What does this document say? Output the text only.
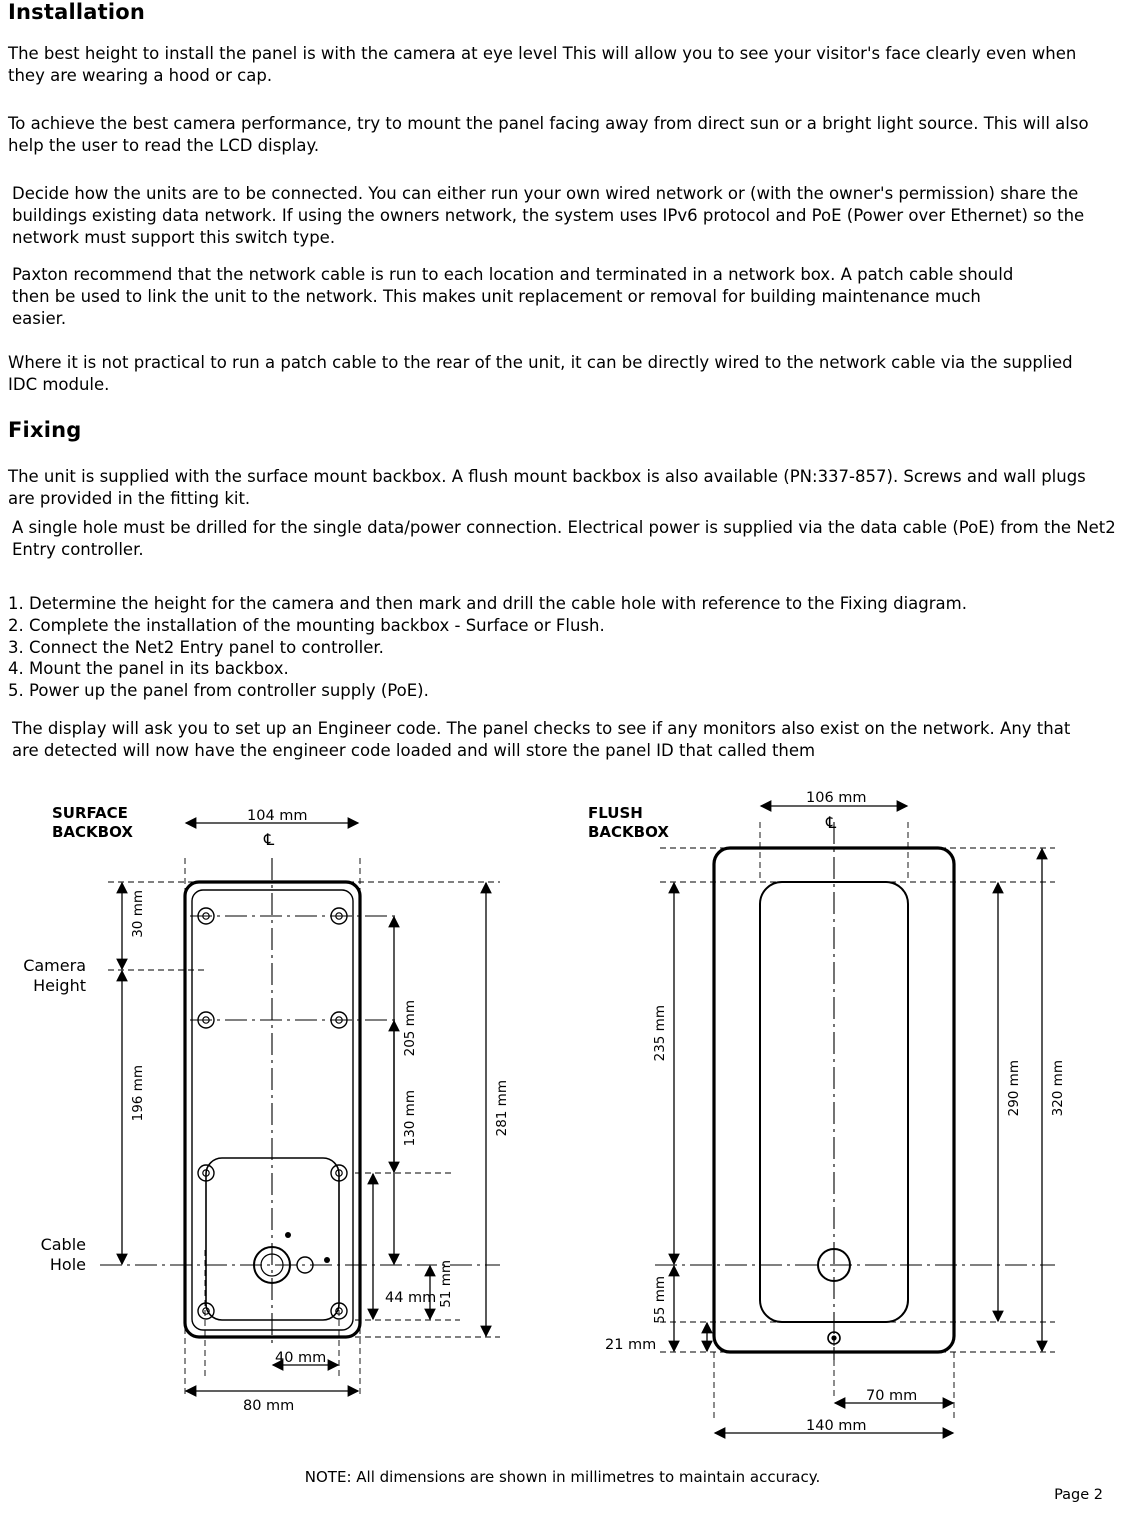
Installation

The best height to install the panel is with the camera at eye level This will allow you to see your visitor's face clearly even when they are wearing a hood or cap.

To achieve the best camera performance, try to mount the panel facing away from direct sun or a bright light source. This will also help the user to read the LCD display.

Decide how the units are to be connected. You can either run your own wired network or (with the owner's permission) share the buildings existing data network. If using the owners network, the system uses IPv6 protocol and PoE (Power over Ethernet) so the network must support this switch type.

Paxton recommend that the network cable is run to each location and terminated in a network box. A patch cable should then be used to link the unit to the network. This makes unit replacement or removal for building maintenance much easier.

Where it is not practical to run a patch cable to the rear of the unit, it can be directly wired to the network cable via the supplied IDC module.

Fixing

The unit is supplied with the surface mount backbox. A flush mount backbox is also available (PN:337-857). Screws and wall plugs are provided in the fitting kit.

A single hole must be drilled for the single data/power connection. Electrical power is supplied via the data cable (PoE) from the Net2 Entry controller.

1. Determine the height for the camera and then mark and drill the cable hole with reference to the Fixing diagram.

2. Complete the installation of the mounting backbox - Surface or Flush.

3. Connect the Net2 Entry panel to controller.

4. Mount the panel in its backbox.

5. Power up the panel from controller supply (PoE).

The display will ask you to set up an Engineer code. The panel checks to see if any monitors also exist on the network. Any that are detected will now have the engineer code loaded and will store the panel ID that called them

SURFACE
BACKBOX
104 mm
℄
30 mm
196 mm
Camera
Height
Cable
Hole
205 mm
130 mm
51 mm
281 mm
44 mm
40 mm
80 mm
FLUSH
BACKBOX
106 mm
℄
235 mm
55 mm
21 mm
290 mm 320 mm
70 mm
140 mm
NOTE: All dimensions are shown in millimetres to maintain accuracy.
Page 2
